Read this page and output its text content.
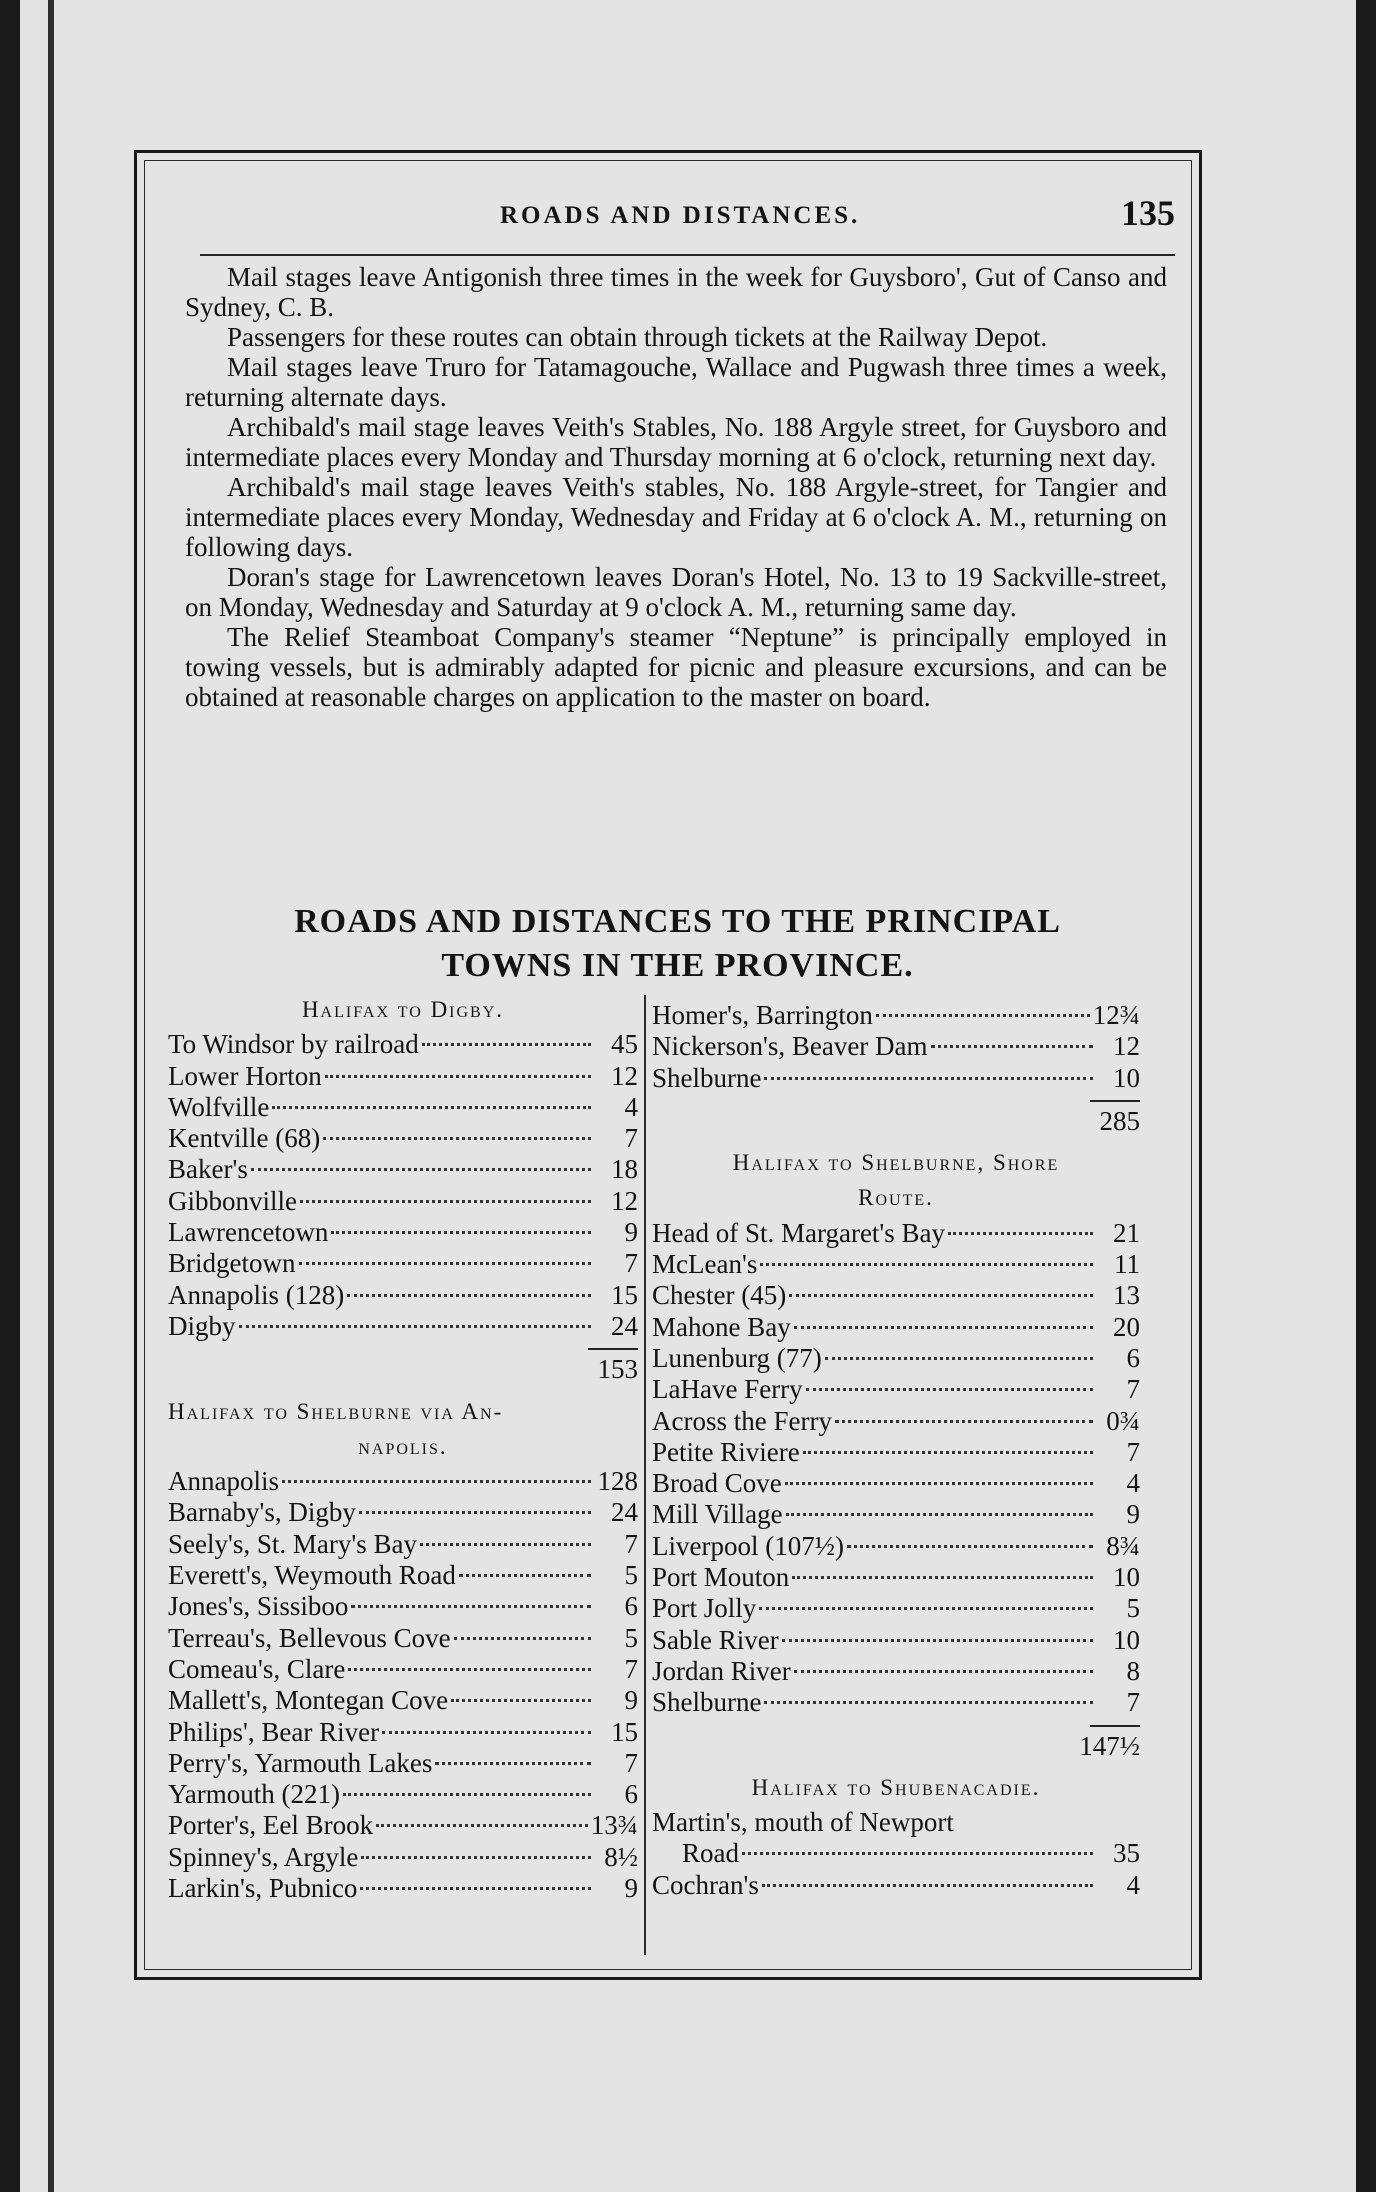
ROADS AND DISTANCES.	135

Mail stages leave Antigonish three times in the week for Guysboro', Gut of Canso and Sydney, C. B.

Passengers for these routes can obtain through tickets at the Railway Depot.

Mail stages leave Truro for Tatamagouche, Wallace and Pugwash three times a week, returning alternate days.

Archibald's mail stage leaves Veith's Stables, No. 188 Argyle street, for Guysboro and intermediate places every Monday and Thursday morning at 6 o'clock, returning next day.

Archibald's mail stage leaves Veith's stables, No. 188 Argyle-street, for Tangier and intermediate places every Monday, Wednesday and Friday at 6 o'clock A. M., returning on following days.

Doran's stage for Lawrencetown leaves Doran's Hotel, No. 13 to 19 Sackville-street, on Monday, Wednesday and Saturday at 9 o'clock A. M., returning same day.

The Relief Steamboat Company's steamer “Neptune” is principally employed in towing vessels, but is admirably adapted for picnic and pleasure excursions, and can be obtained at reasonable charges on application to the master on board.

ROADS AND DISTANCES TO THE PRINCIPAL
TOWNS IN THE PROVINCE.
Halifax to Digby.
To Windsor by railroad	45
Lower Horton	12
Wolfville	4
Kentville (68)	7
Baker's	18
Gibbonville	12
Lawrencetown	9
Bridgetown	7
Annapolis (128)	15
Digby	24
153
Halifax to Shelburne via An-
napolis.
Annapolis	128
Barnaby's, Digby	24
Seely's, St. Mary's Bay	7
Everett's, Weymouth Road	5
Jones's, Sissiboo	6
Terreau's, Bellevous Cove	5
Comeau's, Clare	7
Mallett's, Montegan Cove	9
Philips', Bear River	15
Perry's, Yarmouth Lakes	7
Yarmouth (221)	6
Porter's, Eel Brook	13¾
Spinney's, Argyle	8½
Larkin's, Pubnico	9
Homer's, Barrington	12¾
Nickerson's, Beaver Dam	12
Shelburne	10
285
Halifax to Shelburne, Shore
Route.
Head of St. Margaret's Bay	21
McLean's	11
Chester (45)	13
Mahone Bay	20
Lunenburg (77)	6
LaHave Ferry	7
Across the Ferry	0¾
Petite Riviere	7
Broad Cove	4
Mill Village	9
Liverpool (107½)	8¾
Port Mouton	10
Port Jolly	5
Sable River	10
Jordan River	8
Shelburne	7
147½
Halifax to Shubenacadie.
Martin's, mouth of Newport
Road	35
Cochran's	4
